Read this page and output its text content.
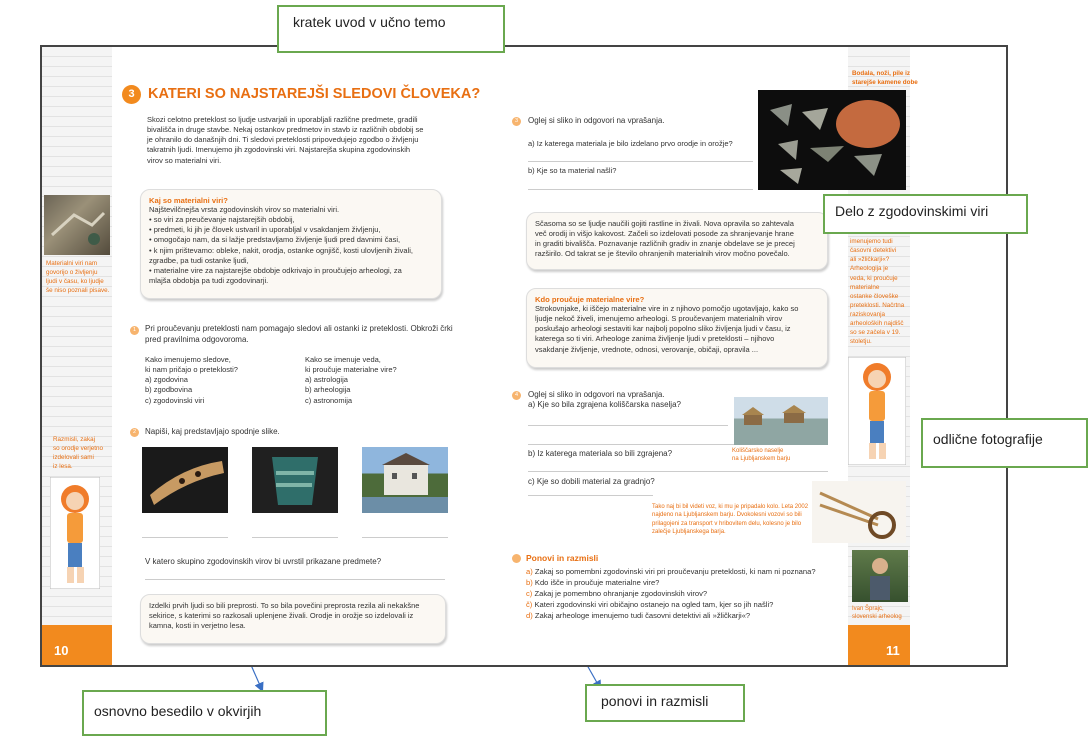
10	11
Materialni viri nam
govorijo o življenju
ljudi v času, ko ljudje
še niso poznali pisave.
Razmisli, zakaj
so orodje verjetno
izdelovali sami
iz lesa.
3 KATERI SO NAJSTAREJŠI SLEDOVI ČLOVEKA?
Skozi celotno preteklost so ljudje ustvarjali in uporabljali različne predmete, gradili
bivališča in druge stavbe. Nekaj ostankov predmetov in stavb iz različnih obdobij se
je ohranilo do današnjih dni. Ti sledovi preteklosti pripovedujejo zgodbo o življenju
takratnih ljudi. Imenujemo jih zgodovinski viri. Najstarejša skupina zgodovinskih
virov so materialni viri.
Kaj so materialni viri?
Najštevilčnejša vrsta zgodovinskih virov so materialni viri.
• so viri za preučevanje najstarejših obdobij,
• predmeti, ki jih je človek ustvaril in uporabljal v vsakdanjem življenju,
• omogočajo nam, da si lažje predstavljamo življenje ljudi pred davnimi časi,
• k njim prištevamo: obleke, nakit, orodja, ostanke ognjišč, kosti ulovljenih živali,
zgradbe, pa tudi ostanke ljudi,
• materialne vire za najstarejše obdobje odkrivajo in proučujejo arheologi, za
mlajša obdobja pa tudi zgodovinarji.
1	Pri proučevanju preteklosti nam pomagajo sledovi ali ostanki iz preteklosti. Obkroži črki
pred pravilnima odgovoroma.
Kako imenujemo sledove,
ki nam pričajo o preteklosti?
a) zgodovina
b) zgodbovina
c) zgodovinski viri
Kako se imenuje veda,
ki proučuje materialne vire?
a) astrologija
b) arheologija
c) astronomija
2	Napiši, kaj predstavljajo spodnje slike.
V katero skupino zgodovinskih virov bi uvrstil prikazane predmete?
Izdelki prvih ljudi so bili preprosti. To so bila povečini preprosta rezila ali nekakšne
sekirice, s katerimi so razkosali uplenjene živali. Orodje in orožje so izdelovali iz
kamna, kosti in verjetno lesa.
3	Oglej si sliko in odgovori na vprašanja.
a) Iz katerega materiala je bilo izdelano prvo orodje in orožje?
b) Kje so ta material našli?
Bodala, noži, pile iz
starejše kamene dobe
Sčasoma so se ljudje naučili gojiti rastline in živali. Nova opravila so zahtevala
več orodij in višjo kakovost. Začeli so izdelovati posode za shranjevanje hrane
in graditi bivališča. Poznavanje različnih gradiv in znanje obdelave se je precej
razširilo. Od takrat se je število ohranjenih materialnih virov močno povečalo.
Kdo proučuje materialne vire?
Strokovnjake, ki iščejo materialne vire in z njihovo pomočjo ugotavljajo, kako so
ljudje nekoč živeli, imenujemo arheologi. S proučevanjem materialnih virov
poskušajo arheologi sestaviti kar najbolj popolno sliko življenja ljudi v času, iz
katerega so ti viri. Arheologe zanima življenje ljudi v preteklosti – njihovo
vsakdanje življenje, vrednote, odnosi, verovanje, običaji, opravila ...
imenujemo tudi
časovni detektivi
ali »žličkarji«?
Arheologija je
veda, ki proučuje
materialne
ostanke človeške
preteklosti. Načrtna
raziskovanja
arheoloških najdišč
so se začela v 19.
stoletju.
4	Oglej si sliko in odgovori na vprašanja.
a) Kje so bila zgrajena koliščarska naselja?
Koliščarsko naselje
na Ljubljanskem barju
b) Iz katerega materiala so bili zgrajena?
c) Kje so dobili material za gradnjo?
Tako naj bi bil videti voz, ki mu je pripadalo kolo. Leta 2002
najdeno na Ljubljanskem barju. Dvokolesni vozovi so bili
prilagojeni za transport v hribovitem delu, kolesno je bilo
zalečje Ljubljanskega barja.
Ponovi in razmisli
a) Zakaj so pomembni zgodovinski viri pri proučevanju preteklosti, ki nam ni poznana?
b) Kdo išče in proučuje materialne vire?
c) Zakaj je pomembno ohranjanje zgodovinskih virov?
č) Kateri zgodovinski viri običajno ostanejo na ogled tam, kjer so jih našli?
d) Zakaj arheologe imenujemo tudi časovni detektivi ali »žličkarji«?
Ivan Šprajc,
slovenski arheolog
kratek uvod v učno temo
Delo z zgodovinskimi viri
odlične fotografije
osnovno besedilo v okvirjih
ponovi in razmisli
